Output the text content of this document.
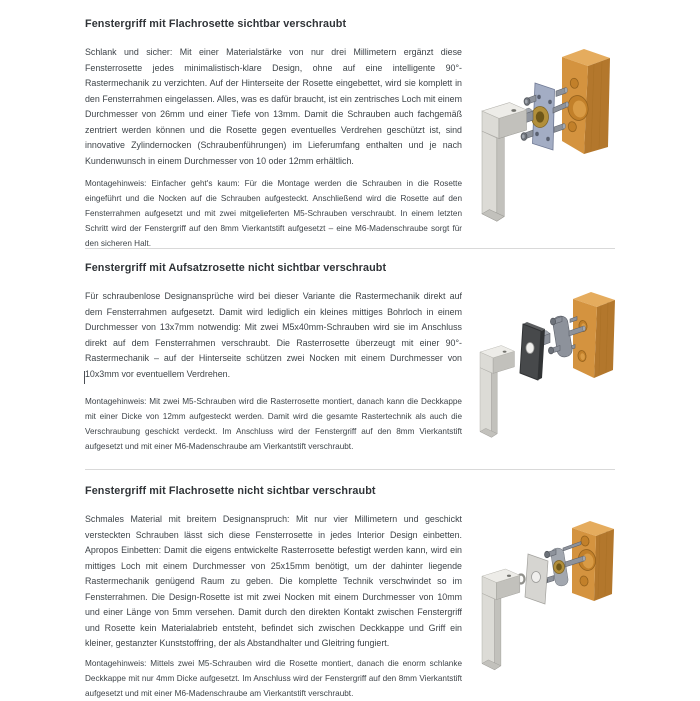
Fenstergriff mit Flachrosette sichtbar verschraubt

Schlank und sicher: Mit einer Materialstärke von nur drei Millimetern ergänzt diese Fensterrosette jedes minimalistisch-klare Design, ohne auf eine intelligente 90°-Rastermechanik zu verzichten. Auf der Hinterseite der Rosette eingebettet, wird sie komplett in den Fensterrahmen eingelassen. Alles, was es dafür braucht, ist ein zentrisches Loch mit einem Durchmesser von 26mm und einer Tiefe von 13mm. Damit die Schrauben auch fachgemäß zentriert werden können und die Rosette gegen eventuelles Verdrehen geschützt ist, sind innovative Zylindernocken (Schraubenführungen) im Lieferumfang enthalten und je nach Kundenwunsch in einem Durchmesser von 10 oder 12mm erhältlich.

Montagehinweis: Einfacher geht's kaum: Für die Montage werden die Schrauben in die Rosette eingeführt und die Nocken auf die Schrauben aufgesteckt. Anschließend wird die Rosette auf den Fensterrahmen aufgesetzt und mit zwei mitgelieferten M5-Schrauben verschraubt. In einem letzten Schritt wird der Fenstergriff auf den 8mm Vierkantstift aufgesetzt – eine M6-Madenschraube sorgt für den sicheren Halt.

Fenstergriff mit Aufsatzrosette nicht sichtbar verschraubt

Für schraubenlose Designansprüche wird bei dieser Variante die Rastermechanik direkt auf dem Fensterrahmen aufgesetzt. Damit wird lediglich ein kleines mittiges Bohrloch in einem Durchmesser von 13x7mm notwendig: Mit zwei M5x40mm-Schrauben wird sie im Anschluss direkt auf dem Fensterrahmen verschraubt. Die Rasterrosette überzeugt mit einer 90°-Rastermechanik – auf der Hinterseite schützen zwei Nocken mit einem Durchmesser von 10x3mm vor eventuellem Verdrehen.

Montagehinweis: Mit zwei M5-Schrauben wird die Rasterrosette montiert, danach kann die Deckkappe mit einer Dicke von 12mm aufgesteckt werden. Damit wird die gesamte Rastertechnik als auch die Verschraubung geschickt verdeckt. Im Anschluss wird der Fenstergriff auf den 8mm Vierkantstift aufgesetzt und mit einer M6-Madenschraube am Vierkantstift verschraubt.

Fenstergriff mit Flachrosette nicht sichtbar verschraubt

Schmales Material mit breitem Designanspruch: Mit nur vier Millimetern und geschickt versteckten Schrauben lässt sich diese Fensterrosette in jedes Interior Design einbetten. Apropos Einbetten: Damit die eigens entwickelte Rasterrosette befestigt werden kann, wird ein mittiges Loch mit einem Durchmesser von 25x15mm benötigt, um der dahinter liegende Rastermechanik genügend Raum zu geben. Die komplette Technik verschwindet so im Fensterrahmen. Die Design-Rosette ist mit zwei Nocken mit einem Durchmesser von 10mm und einer Länge von 5mm versehen. Damit durch den direkten Kontakt zwischen Fenstergriff und Rosette kein Materialabrieb entsteht, befindet sich zwischen Deckkappe und Griff ein kleiner, gestanzter Kunststoffring, der als Abstandhalter und Gleitring fungiert.

Montagehinweis: Mittels zwei M5-Schrauben wird die Rosette montiert, danach die enorm schlanke Deckkappe mit nur 4mm Dicke aufgesetzt. Im Anschluss wird der Fenstergriff auf den 8mm Vierkantstift aufgesetzt und mit einer M6-Madenschraube am Vierkantstift verschraubt.
